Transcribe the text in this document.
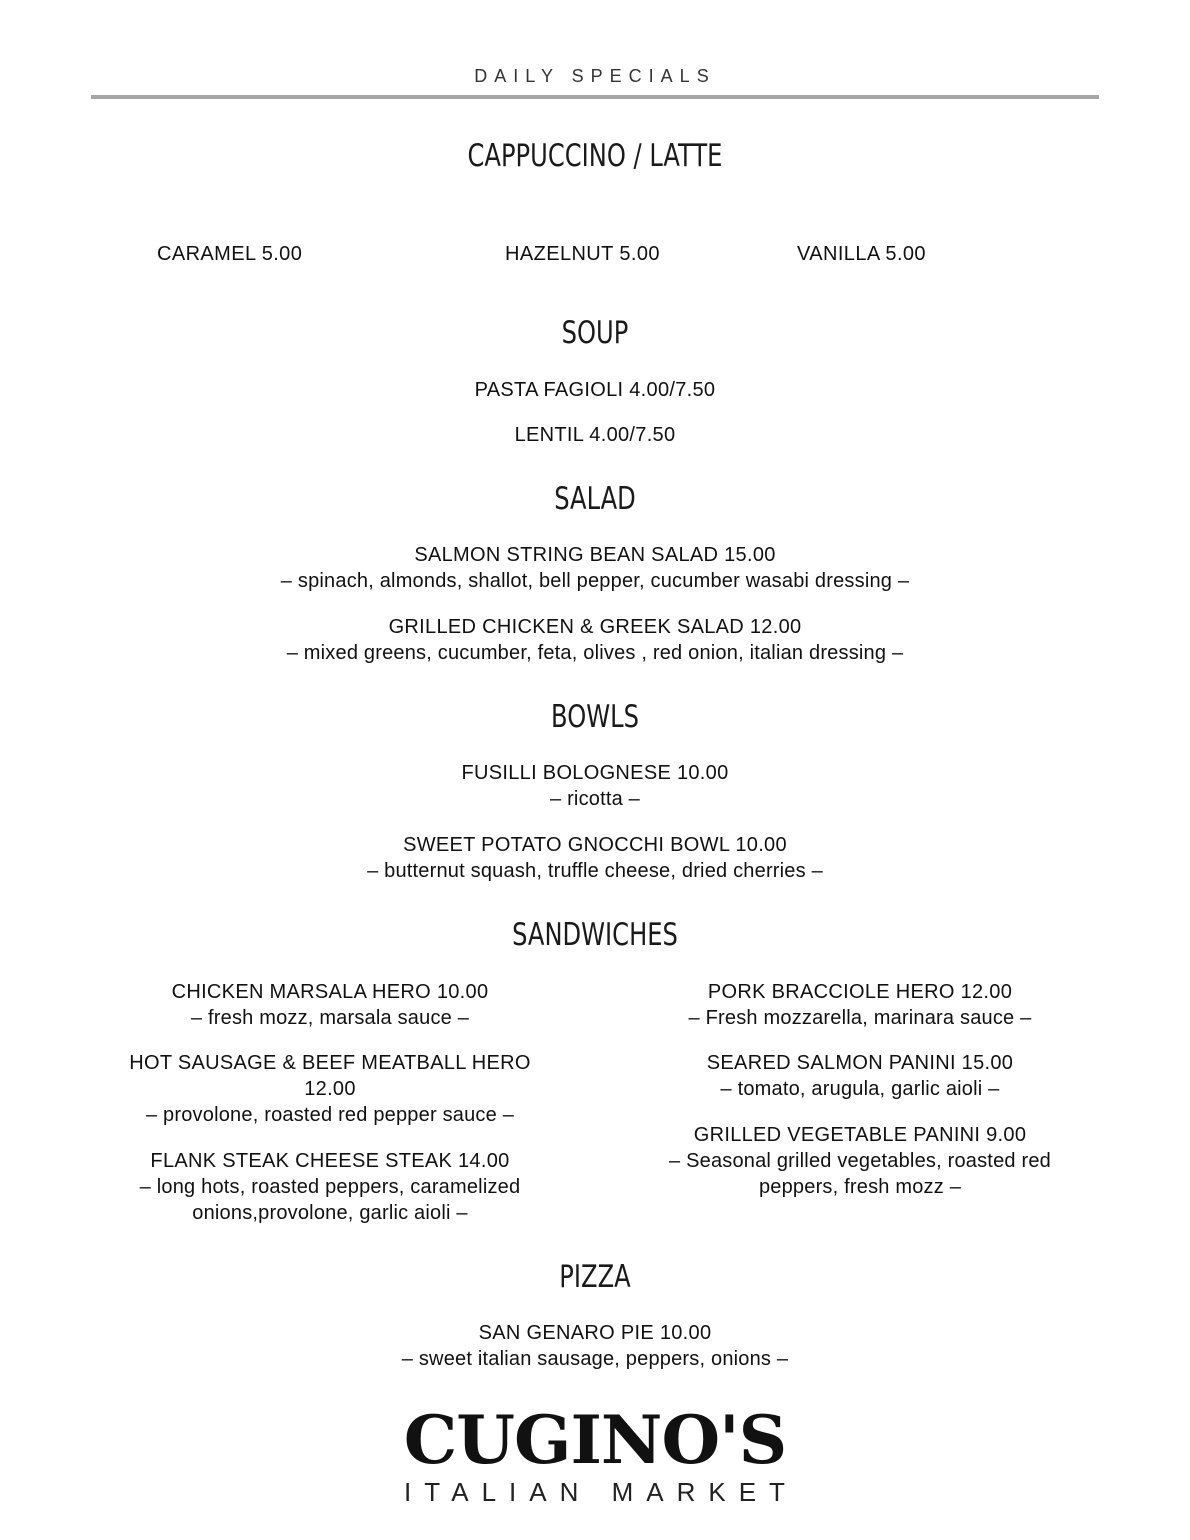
DAILY SPECIALS
CAPPUCCINO / LATTE
CARAMEL 5.00	HAZELNUT 5.00	VANILLA 5.00
SOUP
PASTA FAGIOLI 4.00/7.50
LENTIL 4.00/7.50
SALAD
SALMON STRING BEAN SALAD 15.00
– spinach, almonds, shallot, bell pepper, cucumber wasabi dressing –
GRILLED CHICKEN & GREEK SALAD 12.00
– mixed greens, cucumber, feta, olives , red onion, italian dressing –
BOWLS
FUSILLI BOLOGNESE 10.00
– ricotta –
SWEET POTATO GNOCCHI BOWL 10.00
– butternut squash, truffle cheese, dried cherries –
SANDWICHES
CHICKEN MARSALA HERO 10.00
– fresh mozz, marsala sauce –
HOT SAUSAGE & BEEF MEATBALL HERO 12.00
– provolone, roasted red pepper sauce –
FLANK STEAK CHEESE STEAK 14.00
– long hots, roasted peppers, caramelized onions,provolone, garlic aioli –
PORK BRACCIOLE HERO 12.00
– Fresh mozzarella, marinara sauce –
SEARED SALMON PANINI 15.00
– tomato, arugula, garlic aioli –
GRILLED VEGETABLE PANINI 9.00
– Seasonal grilled vegetables, roasted red peppers, fresh mozz –
PIZZA
SAN GENARO PIE 10.00
– sweet italian sausage, peppers, onions –
CUGINO'S
ITALIAN MARKET
